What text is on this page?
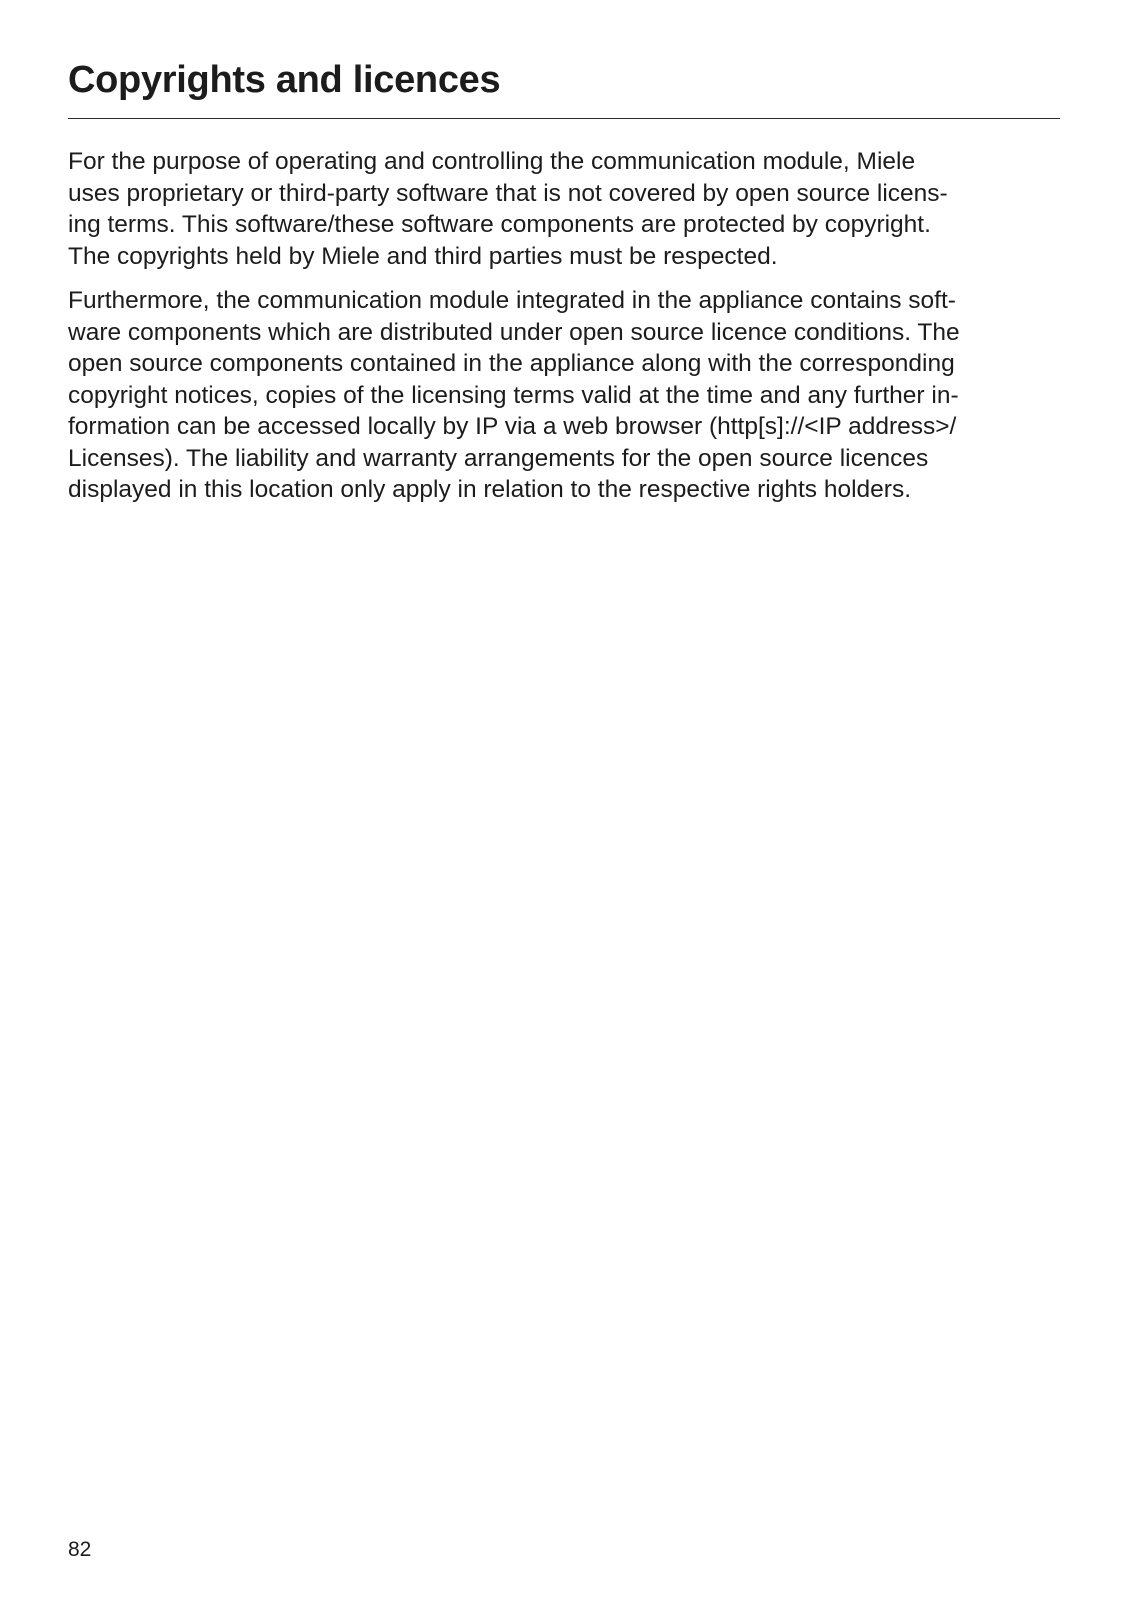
Copyrights and licences
For the purpose of operating and controlling the communication module, Miele
uses proprietary or third-party software that is not covered by open source licens-
ing terms. This software/these software components are protected by copyright.
The copyrights held by Miele and third parties must be respected.
Furthermore, the communication module integrated in the appliance contains soft-
ware components which are distributed under open source licence conditions. The
open source components contained in the appliance along with the corresponding
copyright notices, copies of the licensing terms valid at the time and any further in-
formation can be accessed locally by IP via a web browser (http[s]://<IP address>/
Licenses). The liability and warranty arrangements for the open source licences
displayed in this location only apply in relation to the respective rights holders.
82
